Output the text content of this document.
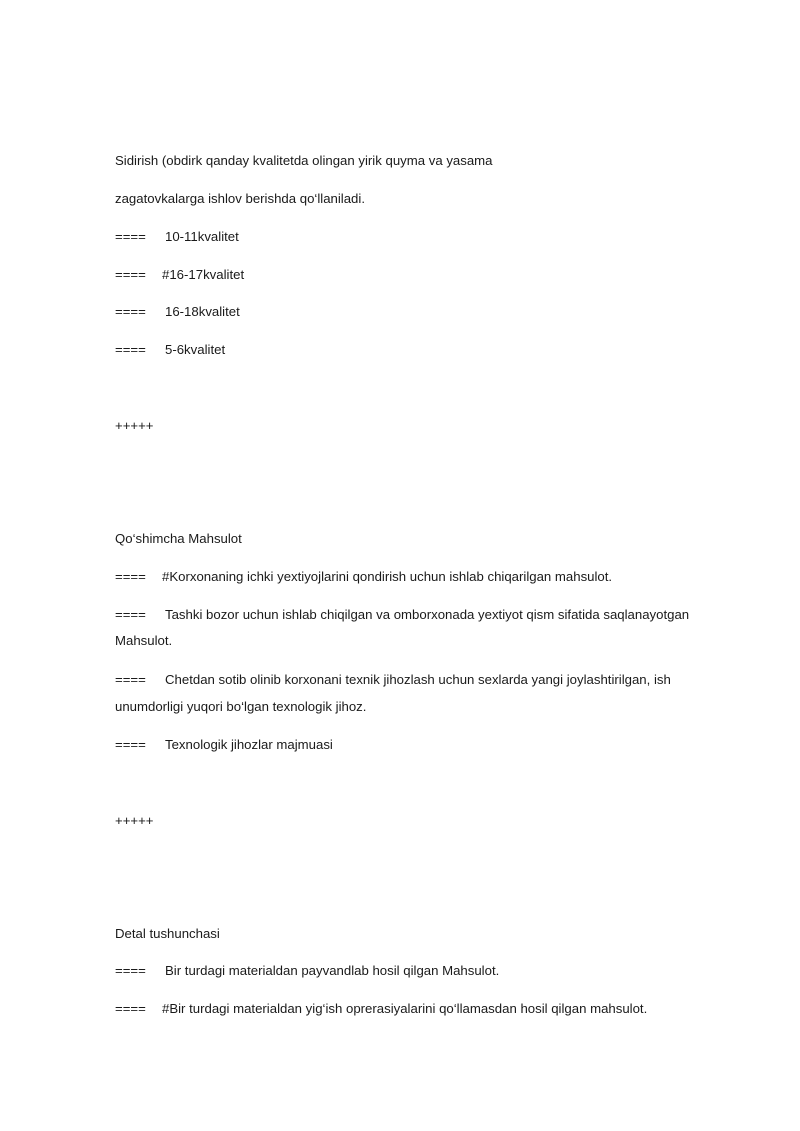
Sidirish (obdirk qanday kvalitetda olingan yirik quyma va yasama
zagatovkalarga ishlov berishda qo‘llaniladi.
==== 10-11kvalitet
==== #16-17kvalitet
==== 16-18kvalitet
==== 5-6kvalitet
+++++
Qo‘shimcha Mahsulot
==== #Korxonaning ichki yextiyojlarini qondirish uchun ishlab chiqarilgan mahsulot.
==== Tashki bozor uchun ishlab chiqilgan va omborxonada yextiyot qism sifatida saqlanayotgan
Mahsulot.
==== Chetdan sotib olinib korxonani texnik jihozlash uchun sexlarda yangi joylashtirilgan, ish
unumdorligi yuqori bo‘lgan texnologik jihoz.
==== Texnologik jihozlar majmuasi
+++++
Detal tushunchasi
==== Bir turdagi materialdan payvandlab hosil qilgan Mahsulot.
==== #Bir turdagi materialdan yig‘ish oprerasiyalarini qo‘llamasdan hosil qilgan mahsulot.
